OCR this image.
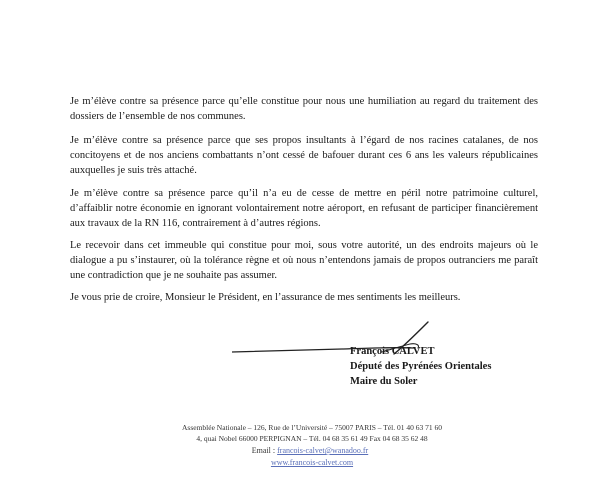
Je m’élève contre sa présence parce qu’elle constitue pour nous une humiliation au regard du traitement des dossiers de l’ensemble de nos communes.

Je m’élève contre sa présence parce que ses propos insultants à l’égard de nos racines catalanes, de nos concitoyens et de nos anciens combattants n’ont cessé de bafouer durant ces 6 ans les valeurs républicaines auxquelles je suis très attaché.

Je m’élève contre sa présence parce qu’il n’a eu de cesse de mettre en péril notre patrimoine culturel, d’affaiblir notre économie en ignorant volontairement notre aéroport, en refusant de participer financièrement aux travaux de la RN 116, contrairement à d’autres régions.

Le recevoir dans cet immeuble qui constitue pour moi, sous votre autorité, un des endroits majeurs où le dialogue a pu s’instaurer, où la tolérance règne et où nous n’entendons jamais de propos outranciers me paraît une contradiction que je ne souhaite pas assumer.

Je vous prie de croire, Monsieur le Président, en l’assurance de mes sentiments les meilleurs.

François CALVET
Député des Pyrénées Orientales
Maire du Soler
Assemblée Nationale – 126, Rue de l’Université – 75007 PARIS – Tél. 01 40 63 71 60
4, quai Nobel 66000 PERPIGNAN – Tél. 04 68 35 61 49 Fax 04 68 35 62 48
Email : francois-calvet@wanadoo.fr
www.francois-calvet.com
